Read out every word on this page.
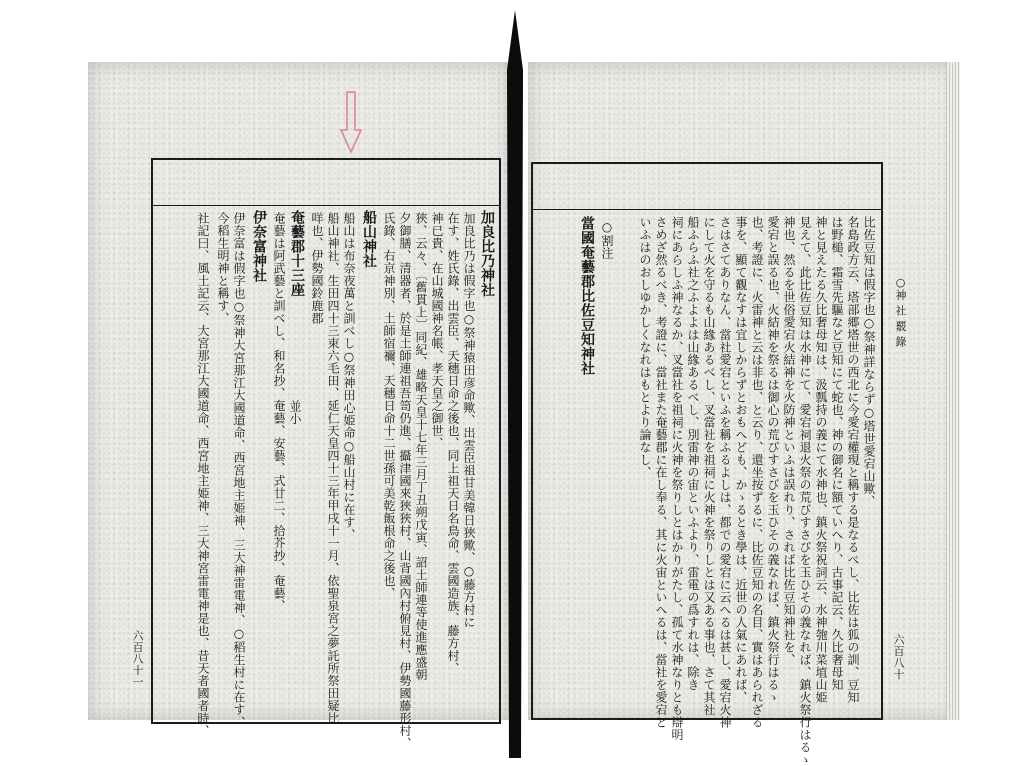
加良比乃神社
加良比乃は假字也○祭神猿田彦命歟、出雲臣祖甘美韓日狹歟、○藤方村に
在す、姓氏錄、出雲臣、天穗日命之後也、同上祖天日名鳥命、雲國造族、藤方村、
神已貴、在山城國神名帳、孝天皇之御世、
狹、云々、〔舊貫上〕同紀、雄略天皇十七年三月丁丑朔戊寅、詔土師連等使進應盛朝
夕御膳、清器者、於是土師連祖吾笥仍進、攝津國來狹狹村、山背國內村俯見村、伊勢國藤形村、
氏錄、右京神別、土師宿禰、天穗日命十二世孫可美乾飯根命之後也、
船山神社
船山は布奈夜萬と訓べし○祭神田心姫命○船山村に在す、
船山神社、生田四十三束六毛田、延仁天皇四十三年甲戌十一月、依聖泉宮之夢託所祭田疑比
咩也、伊勢國鈴鹿郡
奄藝郡十三座
並小
奄藝は阿武藝と訓べし、和名抄、奄藝、安藝、式廿二、拾芥抄、奄藝、
伊奈富神社
伊奈富は假字也○祭神大宮那江大國道命、西宮地主姫神、三大神雷電神、○稻生村に在す、
今稻生明神と稱す、
社記曰、風土記云、大宮那江大國道命、西宮地主姫神、三大神宮雷電神是也、昔天者國者時、
六百八十一
○神 社 覈 錄
比佐豆知は假字也○祭神詳ならず○塔世愛宕山歟、
名島政方云、塔部郷塔世の西北に今愛宕權現と稱する是なるべし、比佐は狐の訓、豆知
は野槌、霜雪先驅など豆知にて蛇也、神の御名に額ていへり、古事記云、久比奢母知
神と見えたる久比奢母知は、汲瓢持の義にて水神也、鎮火祭祝詞云、水神匏川菜埴山姫
見えて、此比佐豆知は水神にて、愛宕祠退火祭の荒びすさびを玉ひその義なれば、鎮火祭行はるゝ
神也、然るを世俗愛宕火結神を火防神といふは誤れり、されば比佐豆知神社を、
愛宕と誤る也、火結神を祭るは御心の荒びすさびを玉ひその義なれば、鎮火祭行はるゝ
也、考證に、火雷神と云は非也、と云り、還坐按ずるに、比佐豆知の名目、實はあられざる
事を、顯て觀なすは宜しからずとおもへども、かゝるとき學は、近世の人氣にあれば、
さはさてありなん、當社愛宕といふを稱ふるよしは、都での愛宕に云へるは甚し、愛宕火神
にして火を守るも山緣あるべし、叉當社を祖祠に火神を祭りしとは又ある事也、さて其社
船ふらふ社之ふよよは山緣あるべし、別雷神の宙といふより、雷電の爲すれは、除き
祠にあらしふ神なるか、叉當社を祖祠に火神を祭りしとはかりがたし、孤て水神なりとも辯明
さめざ然るべき、考證に、當社また奄藝郡に在し奉る、其に火宙といへるは、當社を愛宕と
いふはのおしゆかしくなれはもとより論なし、
○割注
當國奄藝郡比佐豆知神社
六百八十
